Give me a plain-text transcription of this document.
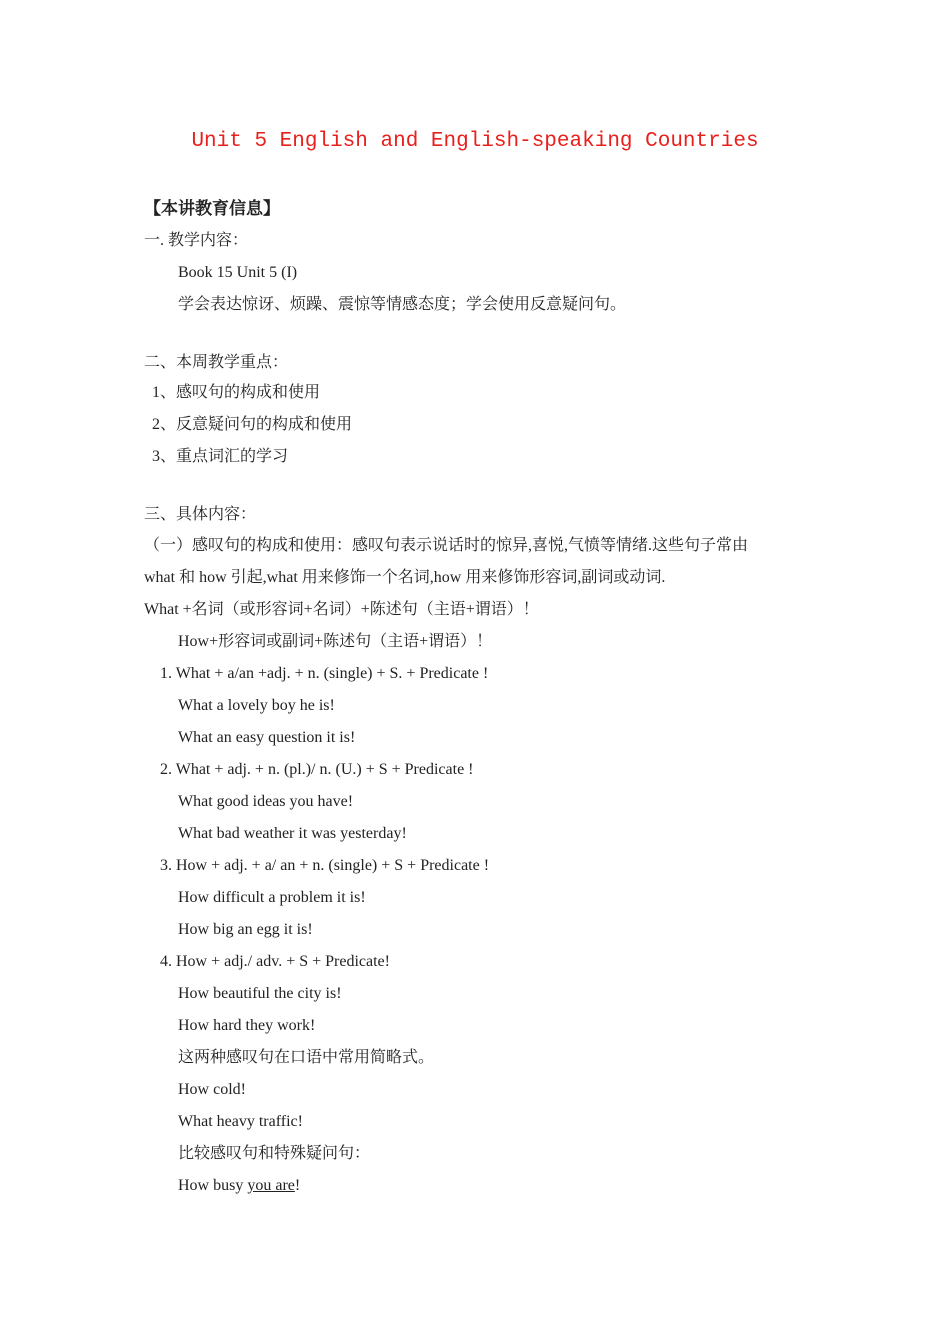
Unit 5 English and English-speaking Countries
【本讲教育信息】
一. 教学内容：
Book 15 Unit 5 (I)
学会表达惊讶、烦躁、震惊等情感态度；学会使用反意疑问句。
二、本周教学重点：
1、感叹句的构成和使用
2、反意疑问句的构成和使用
3、重点词汇的学习
三、具体内容：
（一）感叹句的构成和使用：感叹句表示说话时的惊异,喜悦,气愤等情绪.这些句子常由
what 和 how 引起,what 用来修饰一个名词,how 用来修饰形容词,副词或动词.
What +名词（或形容词+名词）+陈述句（主语+谓语）！
How+形容词或副词+陈述句（主语+谓语）！
1. What + a/an +adj. + n. (single) + S. + Predicate !
What a lovely boy he is!
What an easy question it is!
2. What + adj. + n. (pl.)/ n. (U.) + S + Predicate !
What good ideas you have!
What bad weather it was yesterday!
3. How + adj. + a/ an + n. (single) + S + Predicate !
How difficult a problem it is!
How big an egg it is!
4. How + adj./ adv. + S + Predicate!
How beautiful the city is!
How hard they work!
这两种感叹句在口语中常用简略式。
How cold!
What heavy traffic!
比较感叹句和特殊疑问句：
How busy you are!
